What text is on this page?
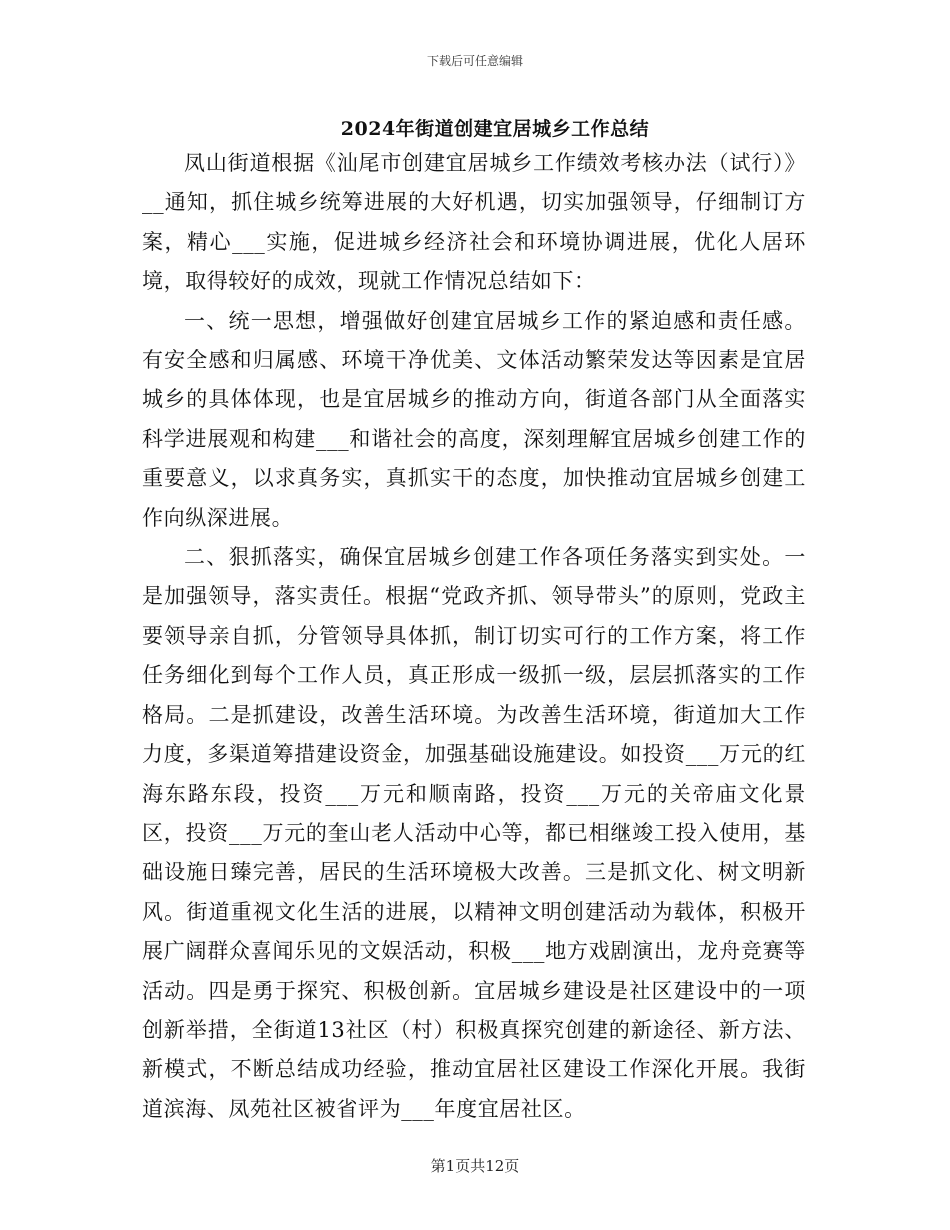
下载后可任意编辑
2024年街道创建宜居城乡工作总结

凤山街道根据《汕尾市创建宜居城乡工作绩效考核办法（试行）》__通知，抓住城乡统筹进展的大好机遇，切实加强领导，仔细制订方案，精心___实施，促进城乡经济社会和环境协调进展，优化人居环境，取得较好的成效，现就工作情况总结如下：

一、统一思想，增强做好创建宜居城乡工作的紧迫感和责任感。有安全感和归属感、环境干净优美、文体活动繁荣发达等因素是宜居城乡的具体体现，也是宜居城乡的推动方向，街道各部门从全面落实科学进展观和构建___和谐社会的高度，深刻理解宜居城乡创建工作的重要意义，以求真务实，真抓实干的态度，加快推动宜居城乡创建工作向纵深进展。

二、狠抓落实，确保宜居城乡创建工作各项任务落实到实处。一是加强领导，落实责任。根据“党政齐抓、领导带头”的原则，党政主要领导亲自抓，分管领导具体抓，制订切实可行的工作方案，将工作任务细化到每个工作人员，真正形成一级抓一级，层层抓落实的工作格局。二是抓建设，改善生活环境。为改善生活环境，街道加大工作力度，多渠道筹措建设资金，加强基础设施建设。如投资___万元的红海东路东段，投资___万元和顺南路，投资___万元的关帝庙文化景区，投资___万元的奎山老人活动中心等，都已相继竣工投入使用，基础设施日臻完善，居民的生活环境极大改善。三是抓文化、树文明新风。街道重视文化生活的进展，以精神文明创建活动为载体，积极开展广阔群众喜闻乐见的文娱活动，积极___地方戏剧演出，龙舟竞赛等活动。四是勇于探究、积极创新。宜居城乡建设是社区建设中的一项创新举措，全街道13社区（村）积极真探究创建的新途径、新方法、新模式，不断总结成功经验，推动宜居社区建设工作深化开展。我街道滨海、凤苑社区被省评为___年度宜居社区。

第1页共12页
